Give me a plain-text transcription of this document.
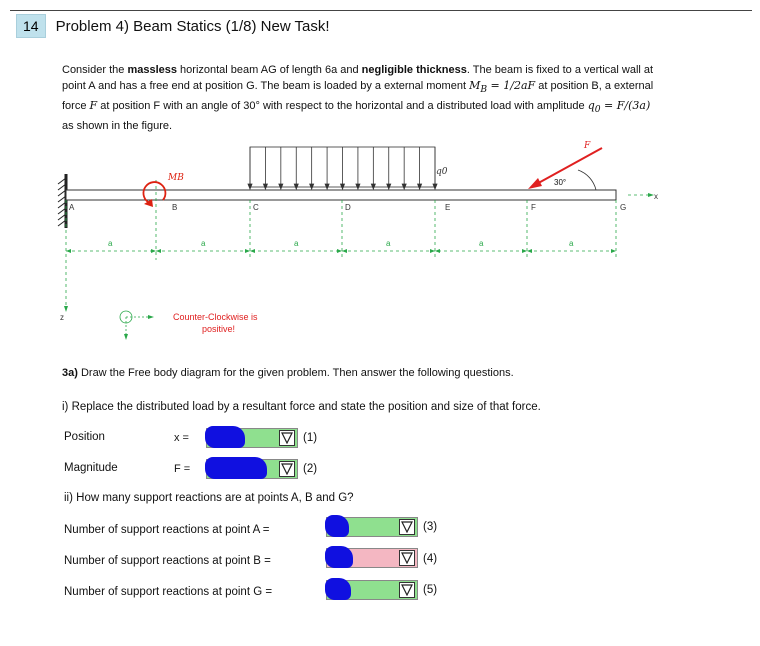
14	Problem 4) Beam Statics (1/8) New Task!
Consider the massless horizontal beam AG of length 6a and negligible thickness. The beam is fixed to a vertical wall at point A and has a free end at position G. The beam is loaded by a external moment $M_B = 1/2aF$ at position B, a external force F at position F with an angle of 30° with respect to the horizontal and a distributed load with amplitude $q_0 = F/(3a)$ as shown in the figure.
A	B	C	D	E	F	G
a	a	a	a	a	a
MB
q0
F
30°
x
z	Counter-Clockwise is
positive!
3a) Draw the Free body diagram for the given problem. Then answer the following questions.
i) Replace the distributed load by a resultant force and state the position and size of that force.
Position	x =	(1)
Magnitude	F =	(2)
ii) How many support reactions are at points A, B and G?
Number of support reactions at point A =	(3)
Number of support reactions at point B =	(4)
Number of support reactions at point G =	(5)
